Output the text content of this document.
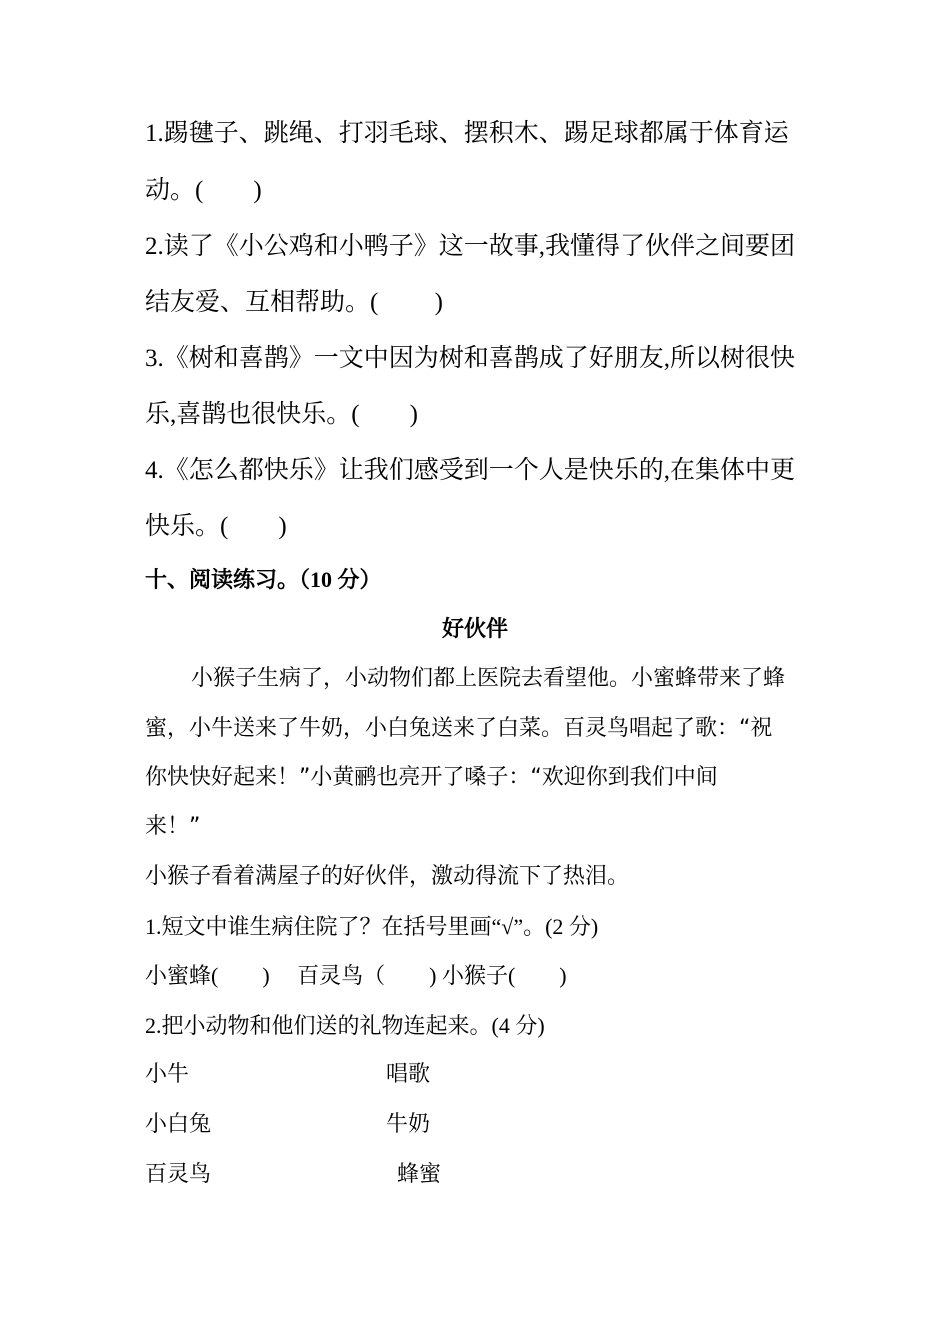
1.踢毽子、跳绳、打羽毛球、摆积木、踢足球都属于体育运
动。(　　)
2.读了《小公鸡和小鸭子》这一故事,我懂得了伙伴之间要团
结友爱、互相帮助。(　　 )
3.《树和喜鹊》一文中因为树和喜鹊成了好朋友,所以树很快
乐,喜鹊也很快乐。(　　)
4.《怎么都快乐》让我们感受到一个人是快乐的,在集体中更
快乐。(　　)
十、阅读练习。（10 分）
好伙伴
小猴子生病了，小动物们都上医院去看望他。小蜜蜂带来了蜂
蜜，小牛送来了牛奶，小白兔送来了白菜。百灵鸟唱起了歌：“祝
你快快好起来！”小黄鹂也亮开了嗓子：“欢迎你到我们中间
来！”
小猴子看着满屋子的好伙伴，激动得流下了热泪。
1.短文中谁生病住院了？在括号里画“√”。(2 分)
小蜜蜂(　　)　 百灵鸟（　　) 小猴子(　　)
2.把小动物和他们送的礼物连起来。(4 分)
小牛	唱歌
小白兔	牛奶
百灵鸟	蜂蜜
